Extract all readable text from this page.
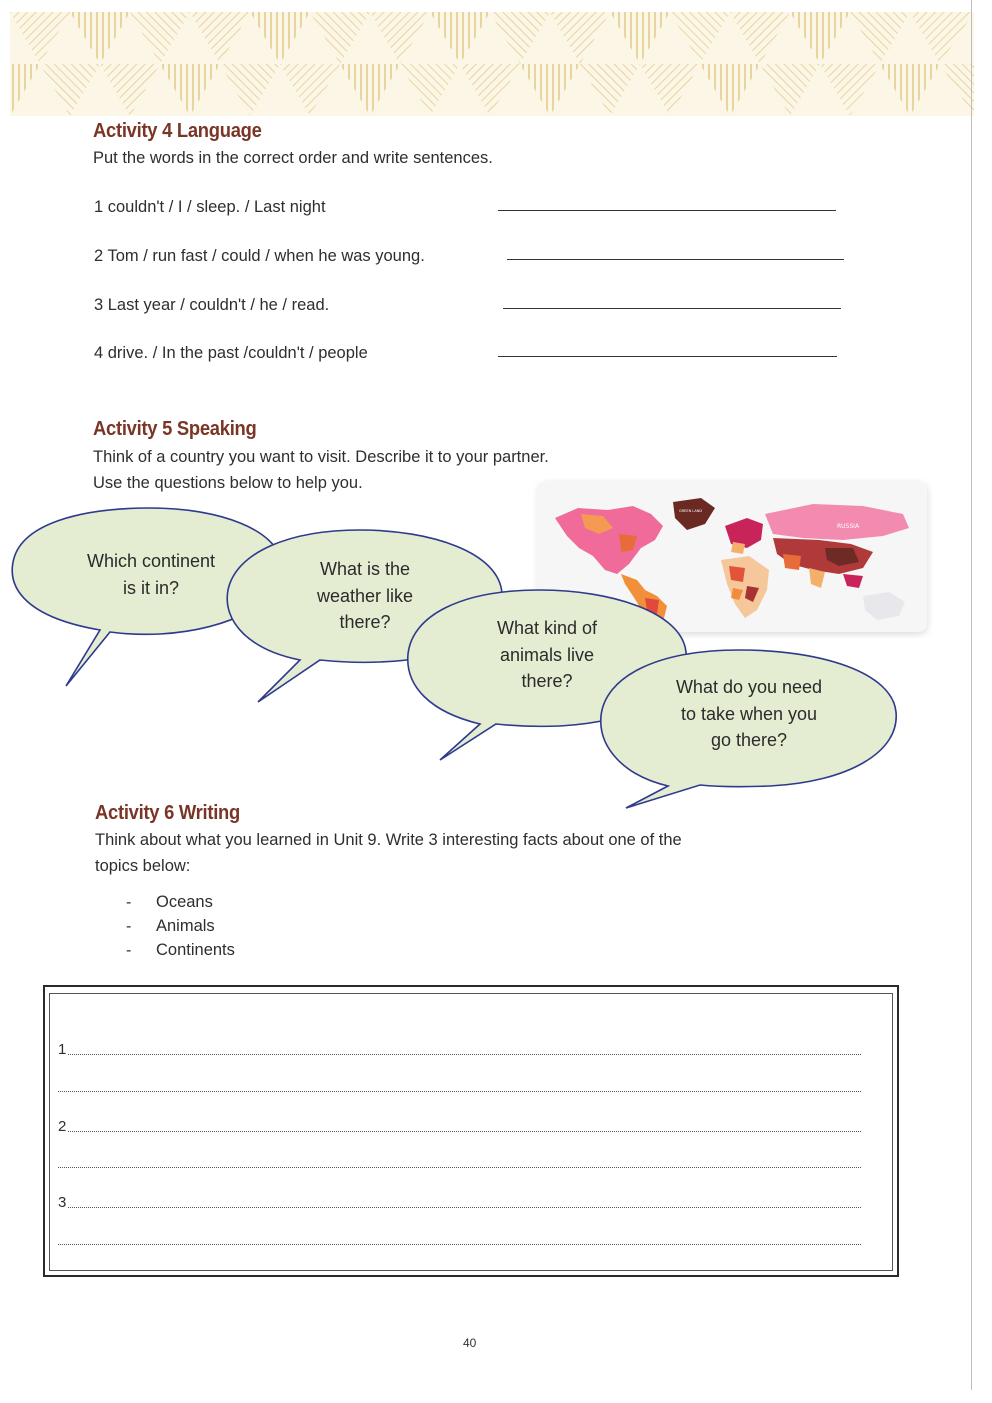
Activity 4 Language
Put the words in the correct order and write sentences.
1 couldn't / I / sleep. / Last night
2 Tom / run fast / could / when he was young.
3 Last year / couldn't / he / read.
4 drive. / In the past /couldn't / people
Activity 5 Speaking
Think of a country you want to visit. Describe it to your partner.
Use the questions below to help you.
RUSSIA
GREEN LAND
Which continent
is it in?
What is the
weather like
there?	What kind of
animals live
there?	What do you need
to take when you
go there?
Activity 6 Writing
Think about what you learned in Unit 9. Write 3 interesting facts about one of the
topics below:
- Oceans
- Animals
- Continents
1
2
3
40
